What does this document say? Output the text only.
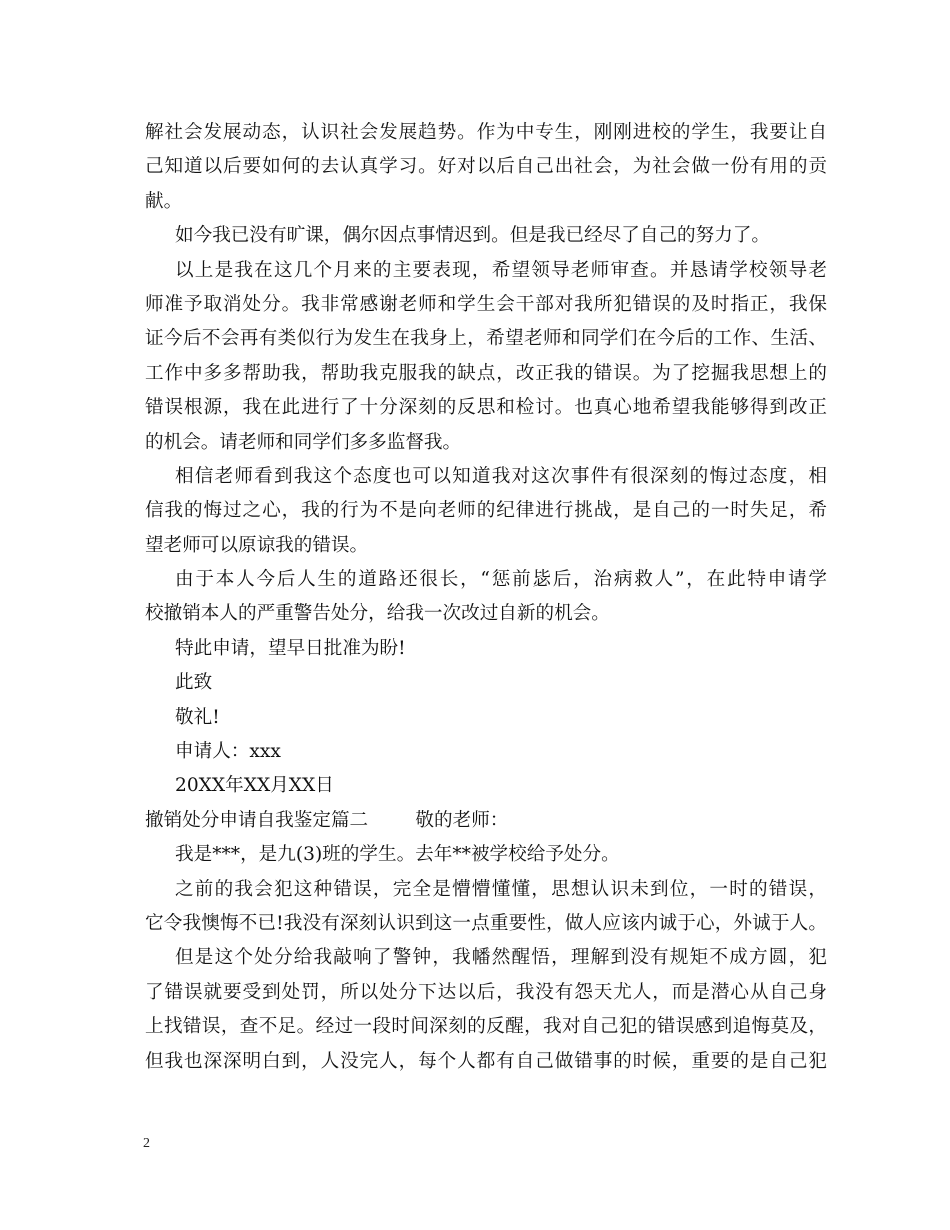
解社会发展动态，认识社会发展趋势。作为中专生，刚刚进校的学生，我要让自
己知道以后要如何的去认真学习。好对以后自己出社会，为社会做一份有用的贡
献。
如今我已没有旷课，偶尔因点事情迟到。但是我已经尽了自己的努力了。
以上是我在这几个月来的主要表现，希望领导老师审查。并恳请学校领导老
师准予取消处分。我非常感谢老师和学生会干部对我所犯错误的及时指正，我保
证今后不会再有类似行为发生在我身上，希望老师和同学们在今后的工作、生活、
工作中多多帮助我，帮助我克服我的缺点，改正我的错误。为了挖掘我思想上的
错误根源，我在此进行了十分深刻的反思和检讨。也真心地希望我能够得到改正
的机会。请老师和同学们多多监督我。
相信老师看到我这个态度也可以知道我对这次事件有很深刻的悔过态度，相
信我的悔过之心，我的行为不是向老师的纪律进行挑战，是自己的一时失足，希
望老师可以原谅我的错误。
由于本人今后人生的道路还很长，“惩前毖后，治病救人”，在此特申请学
校撤销本人的严重警告处分，给我一次改过自新的机会。
特此申请，望早日批准为盼!
此致
敬礼!
申请人：xxx
20XX年XX月XX日
撤销处分申请自我鉴定篇二        敬的老师：
我是***，是九(3)班的学生。去年**被学校给予处分。
之前的我会犯这种错误，完全是懵懵懂懂，思想认识未到位，一时的错误，
它令我懊悔不已!我没有深刻认识到这一点重要性，做人应该内诚于心，外诚于人。
但是这个处分给我敲响了警钟，我幡然醒悟，理解到没有规矩不成方圆，犯
了错误就要受到处罚，所以处分下达以后，我没有怨天尤人，而是潜心从自己身
上找错误，查不足。经过一段时间深刻的反醒，我对自己犯的错误感到追悔莫及，
但我也深深明白到，人没完人，每个人都有自己做错事的时候，重要的是自己犯
2
